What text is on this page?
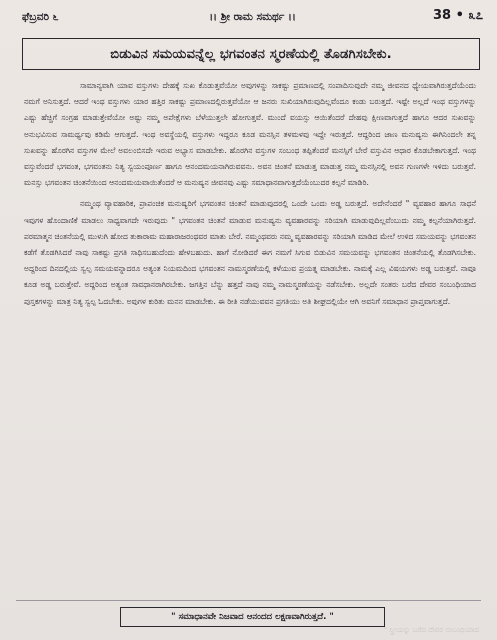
ಫೆಬ್ರವರಿ ೬	।। ಶ್ರೀ ರಾಮ ಸಮರ್ಥ ।।	38 • ೩೭
ಬಿಡುವಿನ ಸಮಯವನ್ನೆಲ್ಲ ಭಗವಂತನ ಸ್ಮರಣೆಯಲ್ಲಿ ತೊಡಗಿಸಬೇಕು.

ಸಾಮಾನ್ಯವಾಗಿ ಯಾವ ವಸ್ತುಗಳು ದೇಹಕ್ಕೆ ಸುಖ ಕೊಡುತ್ತವೆಯೋ ಅವುಗಳನ್ನು ಸಾಕಷ್ಟು ಪ್ರಮಾಣದಲ್ಲಿ ಸಂಪಾದಿಸುವುದೇ ನಮ್ಮ ಜೀವನದ ಧ್ಯೇಯವಾಗಿರುತ್ತದೆಯೆಂದು ನಮಗೆ ಅನಿಸುತ್ತದೆ. ಆದರೆ ಇಂಥ ವಸ್ತುಗಳು ಯಾರ ಹತ್ತಿರ ಸಾಕಷ್ಟು ಪ್ರಮಾಣದಲ್ಲಿರುತ್ತವೆಯೋ ಆ ಜನರು ಸುಖಿಯಾಗಿರುವುದಿಲ್ಲವೆಂದೂ ಕಂಡು ಬರುತ್ತದೆ. ಇಷ್ಟೇ ಅಲ್ಲದೆ ಇಂಥ ವಸ್ತುಗಳನ್ನು ಎಷ್ಟು ಹೆಚ್ಚಿಗೆ ಸಂಗ್ರಹ ಮಾಡುತ್ತೇವೆಯೋ ಅಷ್ಟು ನಮ್ಮ ಅಪೇಕ್ಷೆಗಳು ಬೆಳೆಯುತ್ತಲೇ ಹೋಗುತ್ತವೆ. ಮುಂದೆ ವಯಸ್ಸು ಆಯಿತೆಂದರೆ ದೇಹವು ಕ್ಷೀಣವಾಗುತ್ತದೆ ಹಾಗೂ ಆದರ ಸುಖವನ್ನು ಅನುಭವಿಸುವ ಸಾಮರ್ಥ್ಯವು ಕಡಿಮೆ ಆಗುತ್ತದೆ. ಇಂಥ ಅವಸ್ಥೆಯಲ್ಲಿ ವಸ್ತುಗಳು ಇದ್ದರೂ ಕೂಡ ಮನಸ್ಸಿನ ತಳಮಳವು ಇದ್ದೇ ಇರುತ್ತದೆ. ಆದ್ದರಿಂದ ಜಾಣ ಮನುಷ್ಯನು ಈಗಿನಿಂದಲೇ ತನ್ನ ಸುಖವನ್ನು ಹೊರಗಿನ ವಸ್ತುಗಳ ಮೇಲೆ ಅವಲಂಬಿಸದೇ ಇರುವ ಅಭ್ಯಾಸ ಮಾಡಬೇಕು. ಹೊರಗಿನ ವಸ್ತುಗಳ ಸಂಬಂಧ ತಪ್ಪಿತೆಂದರೆ ಮನಸ್ಸಿಗೆ ಬೇರೆ ವಸ್ತುವಿನ ಆಧಾರ ಕೊಡಬೇಕಾಗುತ್ತದೆ. ಇಂಥ ವಸ್ತುವೆಂದರೆ ಭಗವಂತ, ಭಗವಂತನು ನಿತ್ಯ ಸ್ವಯಂಪೂರ್ಣ ಹಾಗೂ ಆನಂದಮಯನಾಗಿರುವವನು. ಅವನ ಚಿಂತನೆ ಮಾಡುತ್ತ ಮಾಡುತ್ತ ನಮ್ಮ ಮನಸ್ಸಿನಲ್ಲಿ ಅವನ ಗುಣಗಳೇ ಇಳಿದು ಬರುತ್ತವೆ. ಮನಸ್ಸು ಭಗವಂತನ ಚಿಂತನೆಯಿಂದ ಆನಂದಮಯವಾಯಿತೆಂದರೆ ಆ ಮನುಷ್ಯನ ಜೀವನವು ಎಷ್ಟು ಸಮಾಧಾನವಾಗುತ್ತದೆಯೆಂಬುದರ ಕಲ್ಪನೆ ಮಾಡಿರಿ.

ನಮ್ಮಂಥ ವ್ಯಾವಹಾರಿಕ, ಪ್ರಾಪಂಚಿಕ ಮನುಷ್ಯರಿಗೆ ಭಗವಂತನ ಚಿಂತನೆ ಮಾಡುವುದರಲ್ಲಿ ಒಂದೇ ಒಂದು ಅಡ್ಡ ಬರುತ್ತದೆ. ಅದೇನೆಂದರೆ " ವ್ಯವಹಾರ ಹಾಗೂ ಸಾಧನೆ ಇವುಗಳ ಹೊಂದಾಣಿಕೆ ಮಾಡಲು ಸಾಧ್ಯವಾಗದೇ ಇರುವುದು " ಭಗವಂತನ ಚಿಂತನೆ ಮಾಡುವ ಮನುಷ್ಯನು ವ್ಯವಹಾರವನ್ನು ಸರಿಯಾಗಿ ಮಾಡುವುದಿಲ್ಲವೆಂಬುದು ನಮ್ಮ ಕಲ್ಪನೆಯಾಗಿರುತ್ತದೆ. ಪರಮಾತ್ಮನ ಚಿಂತನೆಯಲ್ಲಿ ಮುಳುಗಿ ಹೋದ ತುಕಾರಾಮ ಮಹಾರಾಜರಂಥವರ ಮಾತು ಬೇರೆ. ನಮ್ಮಂಥವರು ನಮ್ಮ ವ್ಯವಹಾರವನ್ನು ಸರಿಯಾಗಿ ಮಾಡಿದ ಮೇಲೆ ಉಳಿದ ಸಮಯವನ್ನು ಭಗವಂತನ ಕಡೆಗೆ ತೊಡಗಿಸಿದರೆ ನಾವು ಸಾಕಷ್ಟು ಪ್ರಗತಿ ಸಾಧಿಸಬಹುದೆಂದು ಹೇಳಬಹುದು. ಹಾಗೆ ನೋಡಿದರೆ ಈಗ ನಮಗೆ ಸಿಗುವ ಬಿಡುವಿನ ಸಮಯವನ್ನು ಭಗವಂತನ ಚಿಂತನೆಯಲ್ಲಿ ತೊಡಗಿಸಬೇಕು. ಅದ್ದರಿಂದ ದಿನದಲ್ಲಿಯ ಸ್ವಲ್ಪ ಸಮಯವನ್ನಾದರೂ ಅತ್ಯಂತ ನಿಯಮದಿಂದ ಭಗವಂತನ ನಾಮಸ್ಮರಣೆಯಲ್ಲಿ ಕಳೆಯುವ ಪ್ರಯತ್ನ ಮಾಡಬೇಕು. ನಾಮಕ್ಕೆ ಎಲ್ಲ ವಿಷಯಗಳು ಅಡ್ಡ ಬರುತ್ತವೆ. ನಾವೂ ಕೂಡ ಅಡ್ಡ ಬರುತ್ತೇವೆ. ಅದ್ದರಿಂದ ಅತ್ಯಂತ ಸಾವಧಾನರಾಗಿರಬೇಕು. ಜಗತ್ತಿನ ಬೆನ್ನು ಹತ್ತದೆ ನಾವು ನಮ್ಮ ನಾಮಸ್ಮರಣೆಯನ್ನು ನಡೆಸಬೇಕು. ಅಲ್ಲದೇ ಸಂತರು ಬರೆದ ದೇವರ ಸಂಬಂಧಿಯಾದ ಪುಸ್ತಕಗಳನ್ನು ಮಾತ್ರ ನಿತ್ಯ ಸ್ವಲ್ಪ ಓದಬೇಕು. ಅವುಗಳ ಕುರಿತು ಮನನ ಮಾಡಬೇಕು. ಈ ರೀತಿ ನಡೆಯುವವನ ಪ್ರಗತಿಯು ಅತಿ ಶೀಘ್ರದಲ್ಲಿಯೇ ಆಗಿ ಅವನಿಗೆ ಸಮಾಧಾನ ಪ್ರಾಪ್ತವಾಗುತ್ತದೆ.

" ಸಮಾಧಾನವೇ ನಿಜವಾದ ಆನಂದದ ಲಕ್ಷಣವಾಗಿರುತ್ತದೆ. "
" ಸ್ತ್ರೀಯನ್ನು ಬರೆದ ದೇವರ ಸಂಬಂಧಿಯಾದ
